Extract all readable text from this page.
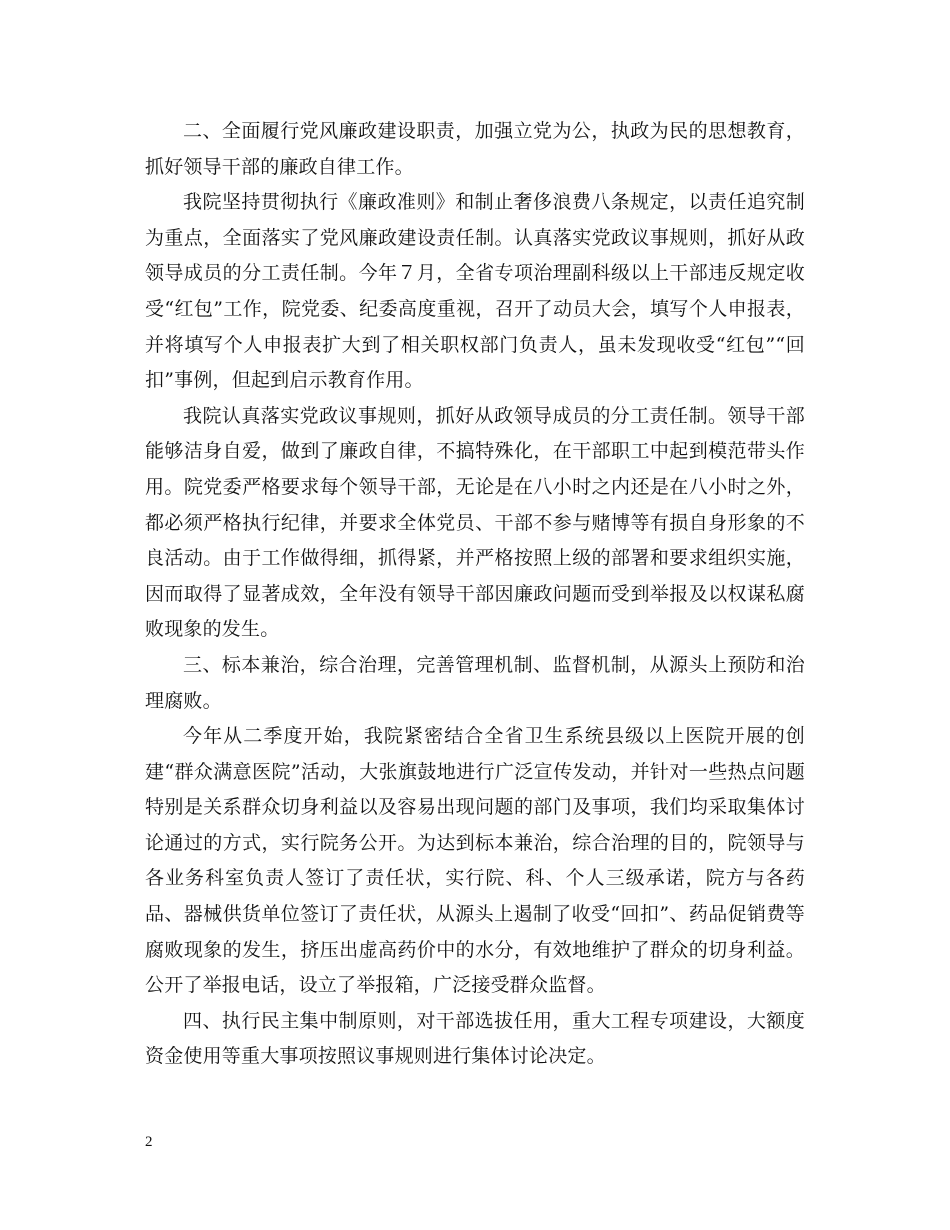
二、全面履行党风廉政建设职责，加强立党为公，执政为民的思想教育，抓好领导干部的廉政自律工作。

我院坚持贯彻执行《廉政准则》和制止奢侈浪费八条规定，以责任追究制为重点，全面落实了党风廉政建设责任制。认真落实党政议事规则，抓好从政领导成员的分工责任制。今年７月，全省专项治理副科级以上干部违反规定收受“红包”工作，院党委、纪委高度重视，召开了动员大会，填写个人申报表，并将填写个人申报表扩大到了相关职权部门负责人，虽未发现收受“红包”“回扣”事例，但起到启示教育作用。

我院认真落实党政议事规则，抓好从政领导成员的分工责任制。领导干部能够洁身自爱，做到了廉政自律，不搞特殊化，在干部职工中起到模范带头作用。院党委严格要求每个领导干部，无论是在八小时之内还是在八小时之外，都必须严格执行纪律，并要求全体党员、干部不参与赌博等有损自身形象的不良活动。由于工作做得细，抓得紧，并严格按照上级的部署和要求组织实施，因而取得了显著成效，全年没有领导干部因廉政问题而受到举报及以权谋私腐败现象的发生。

三、标本兼治，综合治理，完善管理机制、监督机制，从源头上预防和治理腐败。

今年从二季度开始，我院紧密结合全省卫生系统县级以上医院开展的创建“群众满意医院”活动，大张旗鼓地进行广泛宣传发动，并针对一些热点问题特别是关系群众切身利益以及容易出现问题的部门及事项，我们均采取集体讨论通过的方式，实行院务公开。为达到标本兼治，综合治理的目的，院领导与各业务科室负责人签订了责任状，实行院、科、个人三级承诺，院方与各药品、器械供货单位签订了责任状，从源头上遏制了收受“回扣”、药品促销费等腐败现象的发生，挤压出虚高药价中的水分，有效地维护了群众的切身利益。公开了举报电话，设立了举报箱，广泛接受群众监督。

四、执行民主集中制原则，对干部选拔任用，重大工程专项建设，大额度资金使用等重大事项按照议事规则进行集体讨论决定。

2
